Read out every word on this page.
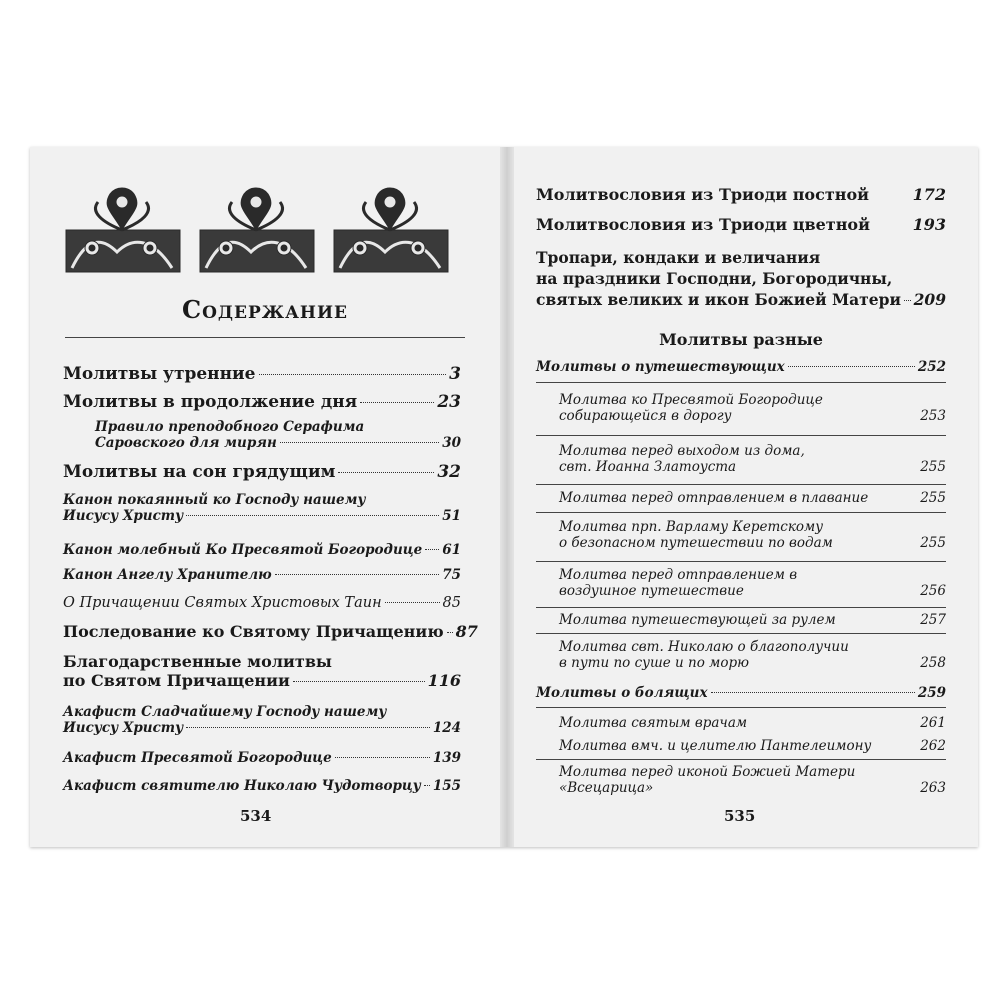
Содержание
Молитвы утренние	3
Молитвы в продолжение дня	23
Правило преподобного Серафима
Саровского для мирян	30
Молитвы на сон грядущим	32
Канон покаянный ко Господу нашему
Иисусу Христу	51
Канон молебный Ко Пресвятой Богородице 61
Канон Ангелу Хранителю	75
О Причащении Святых Христовых Таин	85
Последование ко Святому Причащению 87
Благодарственные молитвы
по Святом Причащении	116
Акафист Сладчайшему Господу нашему
Иисусу Христу	124
Акафист Пресвятой Богородице	139
Акафист святителю Николаю Чудотворцу 155
534
Молитвословия из Триоди постной	172
Молитвословия из Триоди цветной	193
Тропари, кондаки и величания
на праздники Господни, Богородичны,
святых великих и икон Божией Матери 209
Молитвы разные
Молитвы о путешествующих	252
Молитва ко Пресвятой Богородице
собирающейся в дорогу	253
Молитва перед выходом из дома,
свт. Иоанна Златоуста	255
Молитва перед отправлением в плавание	255
Молитва прп. Варламу Керетскому
о безопасном путешествии по водам	255
Молитва перед отправлением в
воздушное путешествие	256
Молитва путешествующей за рулем	257
Молитва свт. Николаю о благополучии
в пути по суше и по морю	258
Молитвы о болящих	259
Молитва святым врачам	261
Молитва вмч. и целителю Пантелеимону	262
Молитва перед иконой Божией Матери
«Всецарица»	263
535
